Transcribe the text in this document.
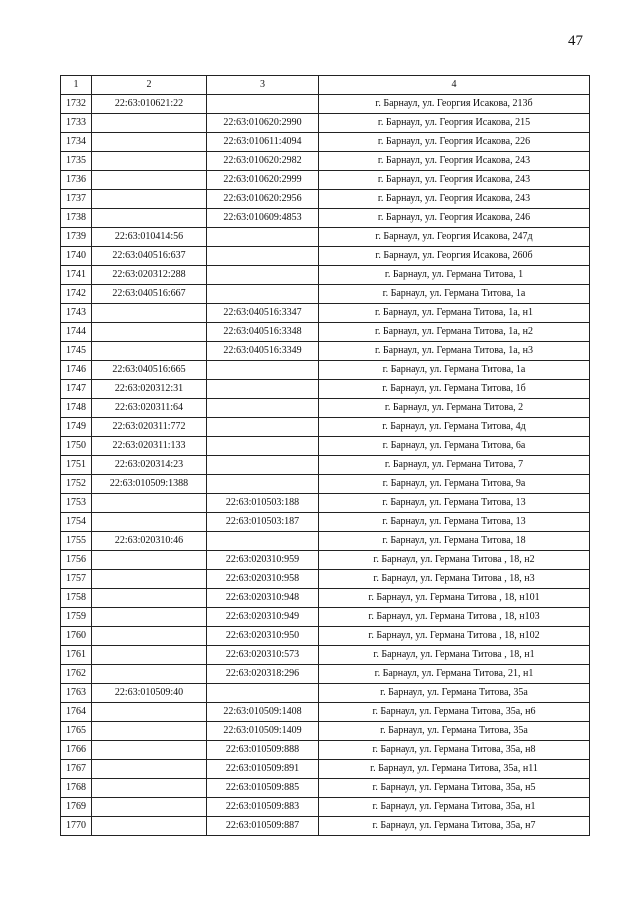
47
1	2	3	4
1732	22:63:010621:22		г. Барнаул, ул. Георгия Исакова, 213б
1733		22:63:010620:2990	г. Барнаул, ул. Георгия Исакова, 215
1734		22:63:010611:4094	г. Барнаул, ул. Георгия Исакова, 226
1735		22:63:010620:2982	г. Барнаул, ул. Георгия Исакова, 243
1736		22:63:010620:2999	г. Барнаул, ул. Георгия Исакова, 243
1737		22:63:010620:2956	г. Барнаул, ул. Георгия Исакова, 243
1738		22:63:010609:4853	г. Барнаул, ул. Георгия Исакова, 246
1739	22:63:010414:56		г. Барнаул, ул. Георгия Исакова, 247д
1740	22:63:040516:637		г. Барнаул, ул. Георгия Исакова, 260б
1741	22:63:020312:288		г. Барнаул, ул. Германа Титова, 1
1742	22:63:040516:667		г. Барнаул, ул. Германа Титова, 1а
1743		22:63:040516:3347	г. Барнаул, ул. Германа Титова, 1а, н1
1744		22:63:040516:3348	г. Барнаул, ул. Германа Титова, 1а, н2
1745		22:63:040516:3349	г. Барнаул, ул. Германа Титова, 1а, н3
1746	22:63:040516:665		г. Барнаул, ул. Германа Титова, 1а
1747	22:63:020312:31		г. Барнаул, ул. Германа Титова, 1б
1748	22:63:020311:64		г. Барнаул, ул. Германа Титова, 2
1749	22:63:020311:772		г. Барнаул, ул. Германа Титова, 4д
1750	22:63:020311:133		г. Барнаул, ул. Германа Титова, 6а
1751	22:63:020314:23		г. Барнаул, ул. Германа Титова, 7
1752	22:63:010509:1388		г. Барнаул, ул. Германа Титова, 9а
1753		22:63:010503:188	г. Барнаул, ул. Германа Титова, 13
1754		22:63:010503:187	г. Барнаул, ул. Германа Титова, 13
1755	22:63:020310:46		г. Барнаул, ул. Германа Титова, 18
1756		22:63:020310:959	г. Барнаул, ул. Германа Титова , 18, н2
1757		22:63:020310:958	г. Барнаул, ул. Германа Титова , 18, н3
1758		22:63:020310:948	г. Барнаул, ул. Германа Титова , 18, н101
1759		22:63:020310:949	г. Барнаул, ул. Германа Титова , 18, н103
1760		22:63:020310:950	г. Барнаул, ул. Германа Титова , 18, н102
1761		22:63:020310:573	г. Барнаул, ул. Германа Титова , 18, н1
1762		22:63:020318:296	г. Барнаул, ул. Германа Титова, 21, н1
1763	22:63:010509:40		г. Барнаул, ул. Германа Титова, 35а
1764		22:63:010509:1408	г. Барнаул, ул. Германа Титова, 35а, н6
1765		22:63:010509:1409	г. Барнаул, ул. Германа Титова, 35а
1766		22:63:010509:888	г. Барнаул, ул. Германа Титова, 35а, н8
1767		22:63:010509:891	г. Барнаул, ул. Германа Титова, 35а, н11
1768		22:63:010509:885	г. Барнаул, ул. Германа Титова, 35а, н5
1769		22:63:010509:883	г. Барнаул, ул. Германа Титова, 35а, н1
1770		22:63:010509:887	г. Барнаул, ул. Германа Титова, 35а, н7
